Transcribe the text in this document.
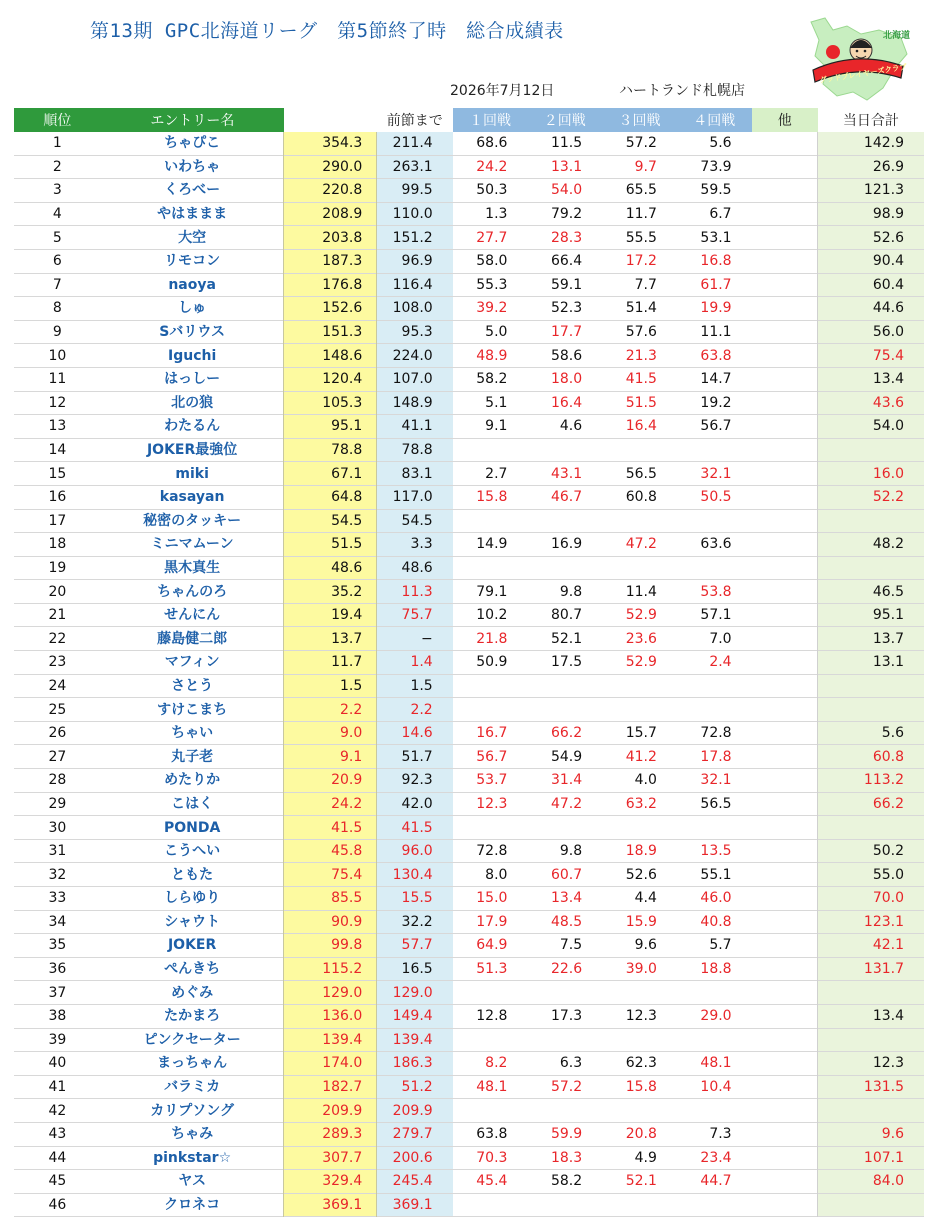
第13期 GPC北海道リーグ　第5節終了時　総合成績表
2026年7月12日	ハートランド札幌店
北海道
グッドプレイヤーズクラブ
順位	エントリー名	総合成績	前節まで	１回戦	２回戦	３回戦	４回戦	他	当日合計
1	ちゃぴこ	354.3	211.4	68.6	11.5	57.2	5.6		142.9
2	いわちゃ	290.0	263.1	24.2	13.1	9.7	73.9		26.9
3	くろべー	220.8	99.5	50.3	54.0	65.5	59.5		121.3
4	やはままま	208.9	110.0	1.3	79.2	11.7	6.7		98.9
5	大空	203.8	151.2	27.7	28.3	55.5	53.1		52.6
6	リモコン	187.3	96.9	58.0	66.4	17.2	16.8		90.4
7	naoya	176.8	116.4	55.3	59.1	7.7	61.7		60.4
8	しゅ	152.6	108.0	39.2	52.3	51.4	19.9		44.6
9	Sバリウス	151.3	95.3	5.0	17.7	57.6	11.1		56.0
10	Iguchi	148.6	224.0	48.9	58.6	21.3	63.8		75.4
11	はっしー	120.4	107.0	58.2	18.0	41.5	14.7		13.4
12	北の狼	105.3	148.9	5.1	16.4	51.5	19.2		43.6
13	わたるん	95.1	41.1	9.1	4.6	16.4	56.7		54.0
14	JOKER最強位	78.8	78.8						
15	miki	67.1	83.1	2.7	43.1	56.5	32.1		16.0
16	kasayan	64.8	117.0	15.8	46.7	60.8	50.5		52.2
17	秘密のタッキー	54.5	54.5						
18	ミニマムーン	51.5	3.3	14.9	16.9	47.2	63.6		48.2
19	黒木真生	48.6	48.6						
20	ちゃんのろ	35.2	11.3	79.1	9.8	11.4	53.8		46.5
21	せんにん	19.4	75.7	10.2	80.7	52.9	57.1		95.1
22	藤島健二郎	13.7	−	21.8	52.1	23.6	7.0		13.7
23	マフィン	11.7	1.4	50.9	17.5	52.9	2.4		13.1
24	さとう	1.5	1.5						
25	すけこまち	2.2	2.2						
26	ちゃい	9.0	14.6	16.7	66.2	15.7	72.8		5.6
27	丸子老	9.1	51.7	56.7	54.9	41.2	17.8		60.8
28	めたりか	20.9	92.3	53.7	31.4	4.0	32.1		113.2
29	こはく	24.2	42.0	12.3	47.2	63.2	56.5		66.2
30	PONDA	41.5	41.5						
31	こうへい	45.8	96.0	72.8	9.8	18.9	13.5		50.2
32	ともた	75.4	130.4	8.0	60.7	52.6	55.1		55.0
33	しらゆり	85.5	15.5	15.0	13.4	4.4	46.0		70.0
34	シャウト	90.9	32.2	17.9	48.5	15.9	40.8		123.1
35	JOKER	99.8	57.7	64.9	7.5	9.6	5.7		42.1
36	ぺんきち	115.2	16.5	51.3	22.6	39.0	18.8		131.7
37	めぐみ	129.0	129.0						
38	たかまろ	136.0	149.4	12.8	17.3	12.3	29.0		13.4
39	ピンクセーター	139.4	139.4						
40	まっちゃん	174.0	186.3	8.2	6.3	62.3	48.1		12.3
41	バラミカ	182.7	51.2	48.1	57.2	15.8	10.4		131.5
42	カリプソング	209.9	209.9						
43	ちゃみ	289.3	279.7	63.8	59.9	20.8	7.3		9.6
44	pinkstar☆	307.7	200.6	70.3	18.3	4.9	23.4		107.1
45	ヤス	329.4	245.4	45.4	58.2	52.1	44.7		84.0
46	クロネコ	369.1	369.1						
